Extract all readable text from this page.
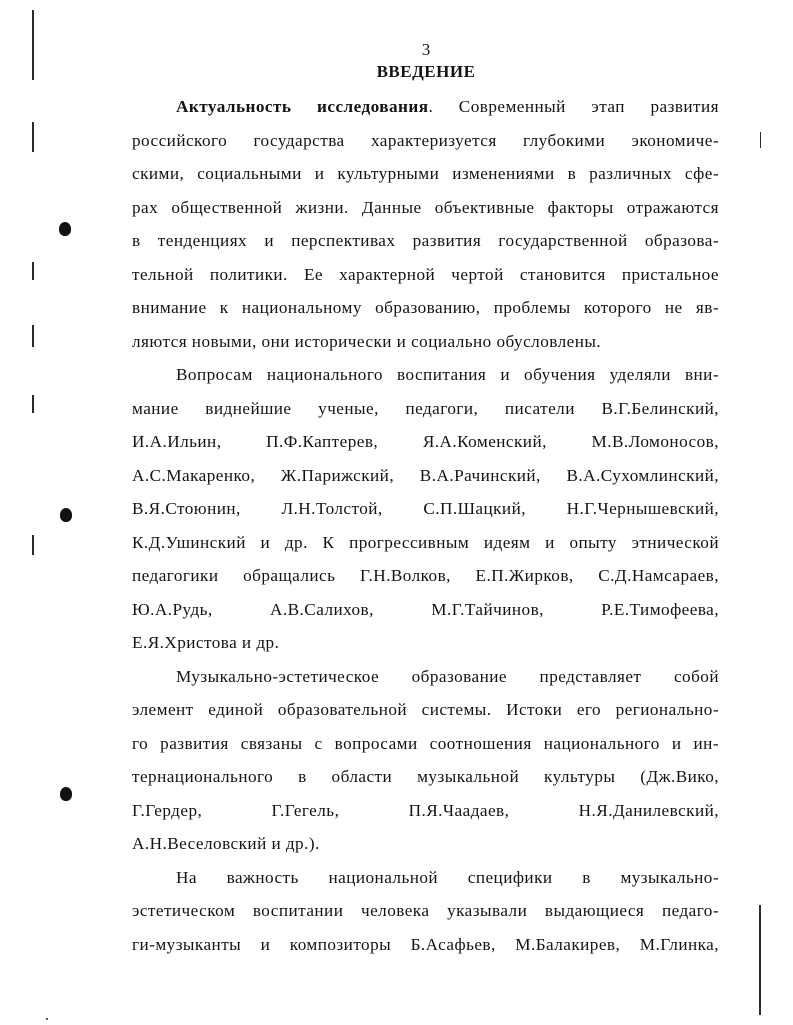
3
ВВЕДЕНИЕ
Актуальность исследования. Современный этап развития
российского государства характеризуется глубокими экономиче-
скими, социальными и культурными изменениями в различных сфе-
рах общественной жизни. Данные объективные факторы отражаются
в тенденциях и перспективах развития государственной образова-
тельной политики. Ее характерной чертой становится пристальное
внимание к национальному образованию, проблемы которого не яв-
ляются новыми, они исторически и социально обусловлены.
Вопросам национального воспитания и обучения уделяли вни-
мание виднейшие ученые, педагоги, писатели В.Г.Белинский,
И.А.Ильин, П.Ф.Каптерев, Я.А.Коменский, М.В.Ломоносов,
А.С.Макаренко, Ж.Парижский, В.А.Рачинский, В.А.Сухомлинский,
В.Я.Стоюнин, Л.Н.Толстой, С.П.Шацкий, Н.Г.Чернышевский,
К.Д.Ушинский и др. К прогрессивным идеям и опыту этнической
педагогики обращались Г.Н.Волков, Е.П.Жирков, С.Д.Намсараев,
Ю.А.Рудь, А.В.Салихов, М.Г.Тайчинов, Р.Е.Тимофеева,
Е.Я.Христова и др.
Музыкально-эстетическое образование представляет собой
элемент единой образовательной системы. Истоки его регионально-
го развития связаны с вопросами соотношения национального и ин-
тернационального в области музыкальной культуры (Дж.Вико,
Г.Гердер, Г.Гегель, П.Я.Чаадаев, Н.Я.Данилевский,
А.Н.Веселовский и др.).
На важность национальной специфики в музыкально-
эстетическом воспитании человека указывали выдающиеся педаго-
ги-музыканты и композиторы Б.Асафьев, М.Балакирев, М.Глинка,
